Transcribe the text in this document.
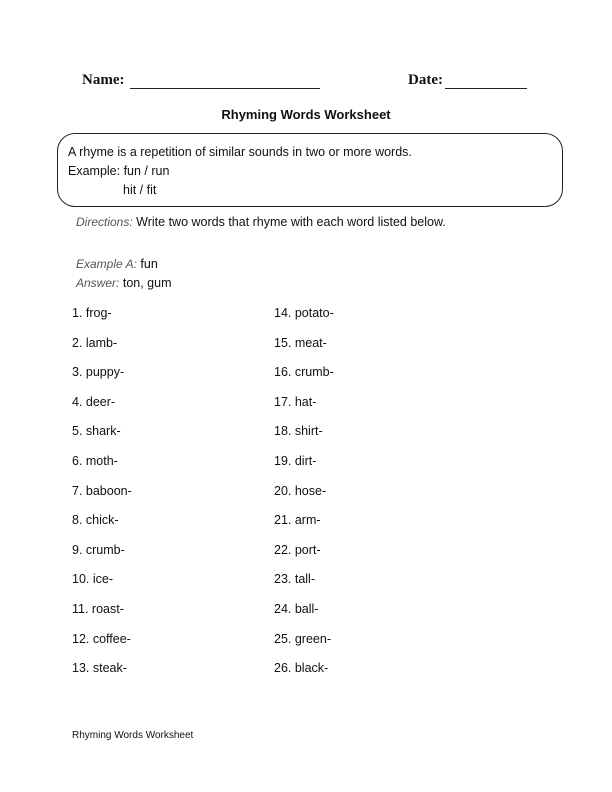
Name:	Date:
Rhyming Words Worksheet
A rhyme is a repetition of similar sounds in two or more words.
Example: fun / run
hit / fit
Directions: Write two words that rhyme with each word listed below.
Example A: fun
Answer: ton, gum
1. frog-
2. lamb-
3. puppy-
4. deer-
5. shark-
6. moth-
7. baboon-
8. chick-
9. crumb-
10. ice-
11. roast-
12. coffee-
13. steak-
14. potato-
15. meat-
16. crumb-
17. hat-
18. shirt-
19. dirt-
20. hose-
21. arm-
22. port-
23. tall-
24. ball-
25. green-
26. black-
Rhyming Words Worksheet
